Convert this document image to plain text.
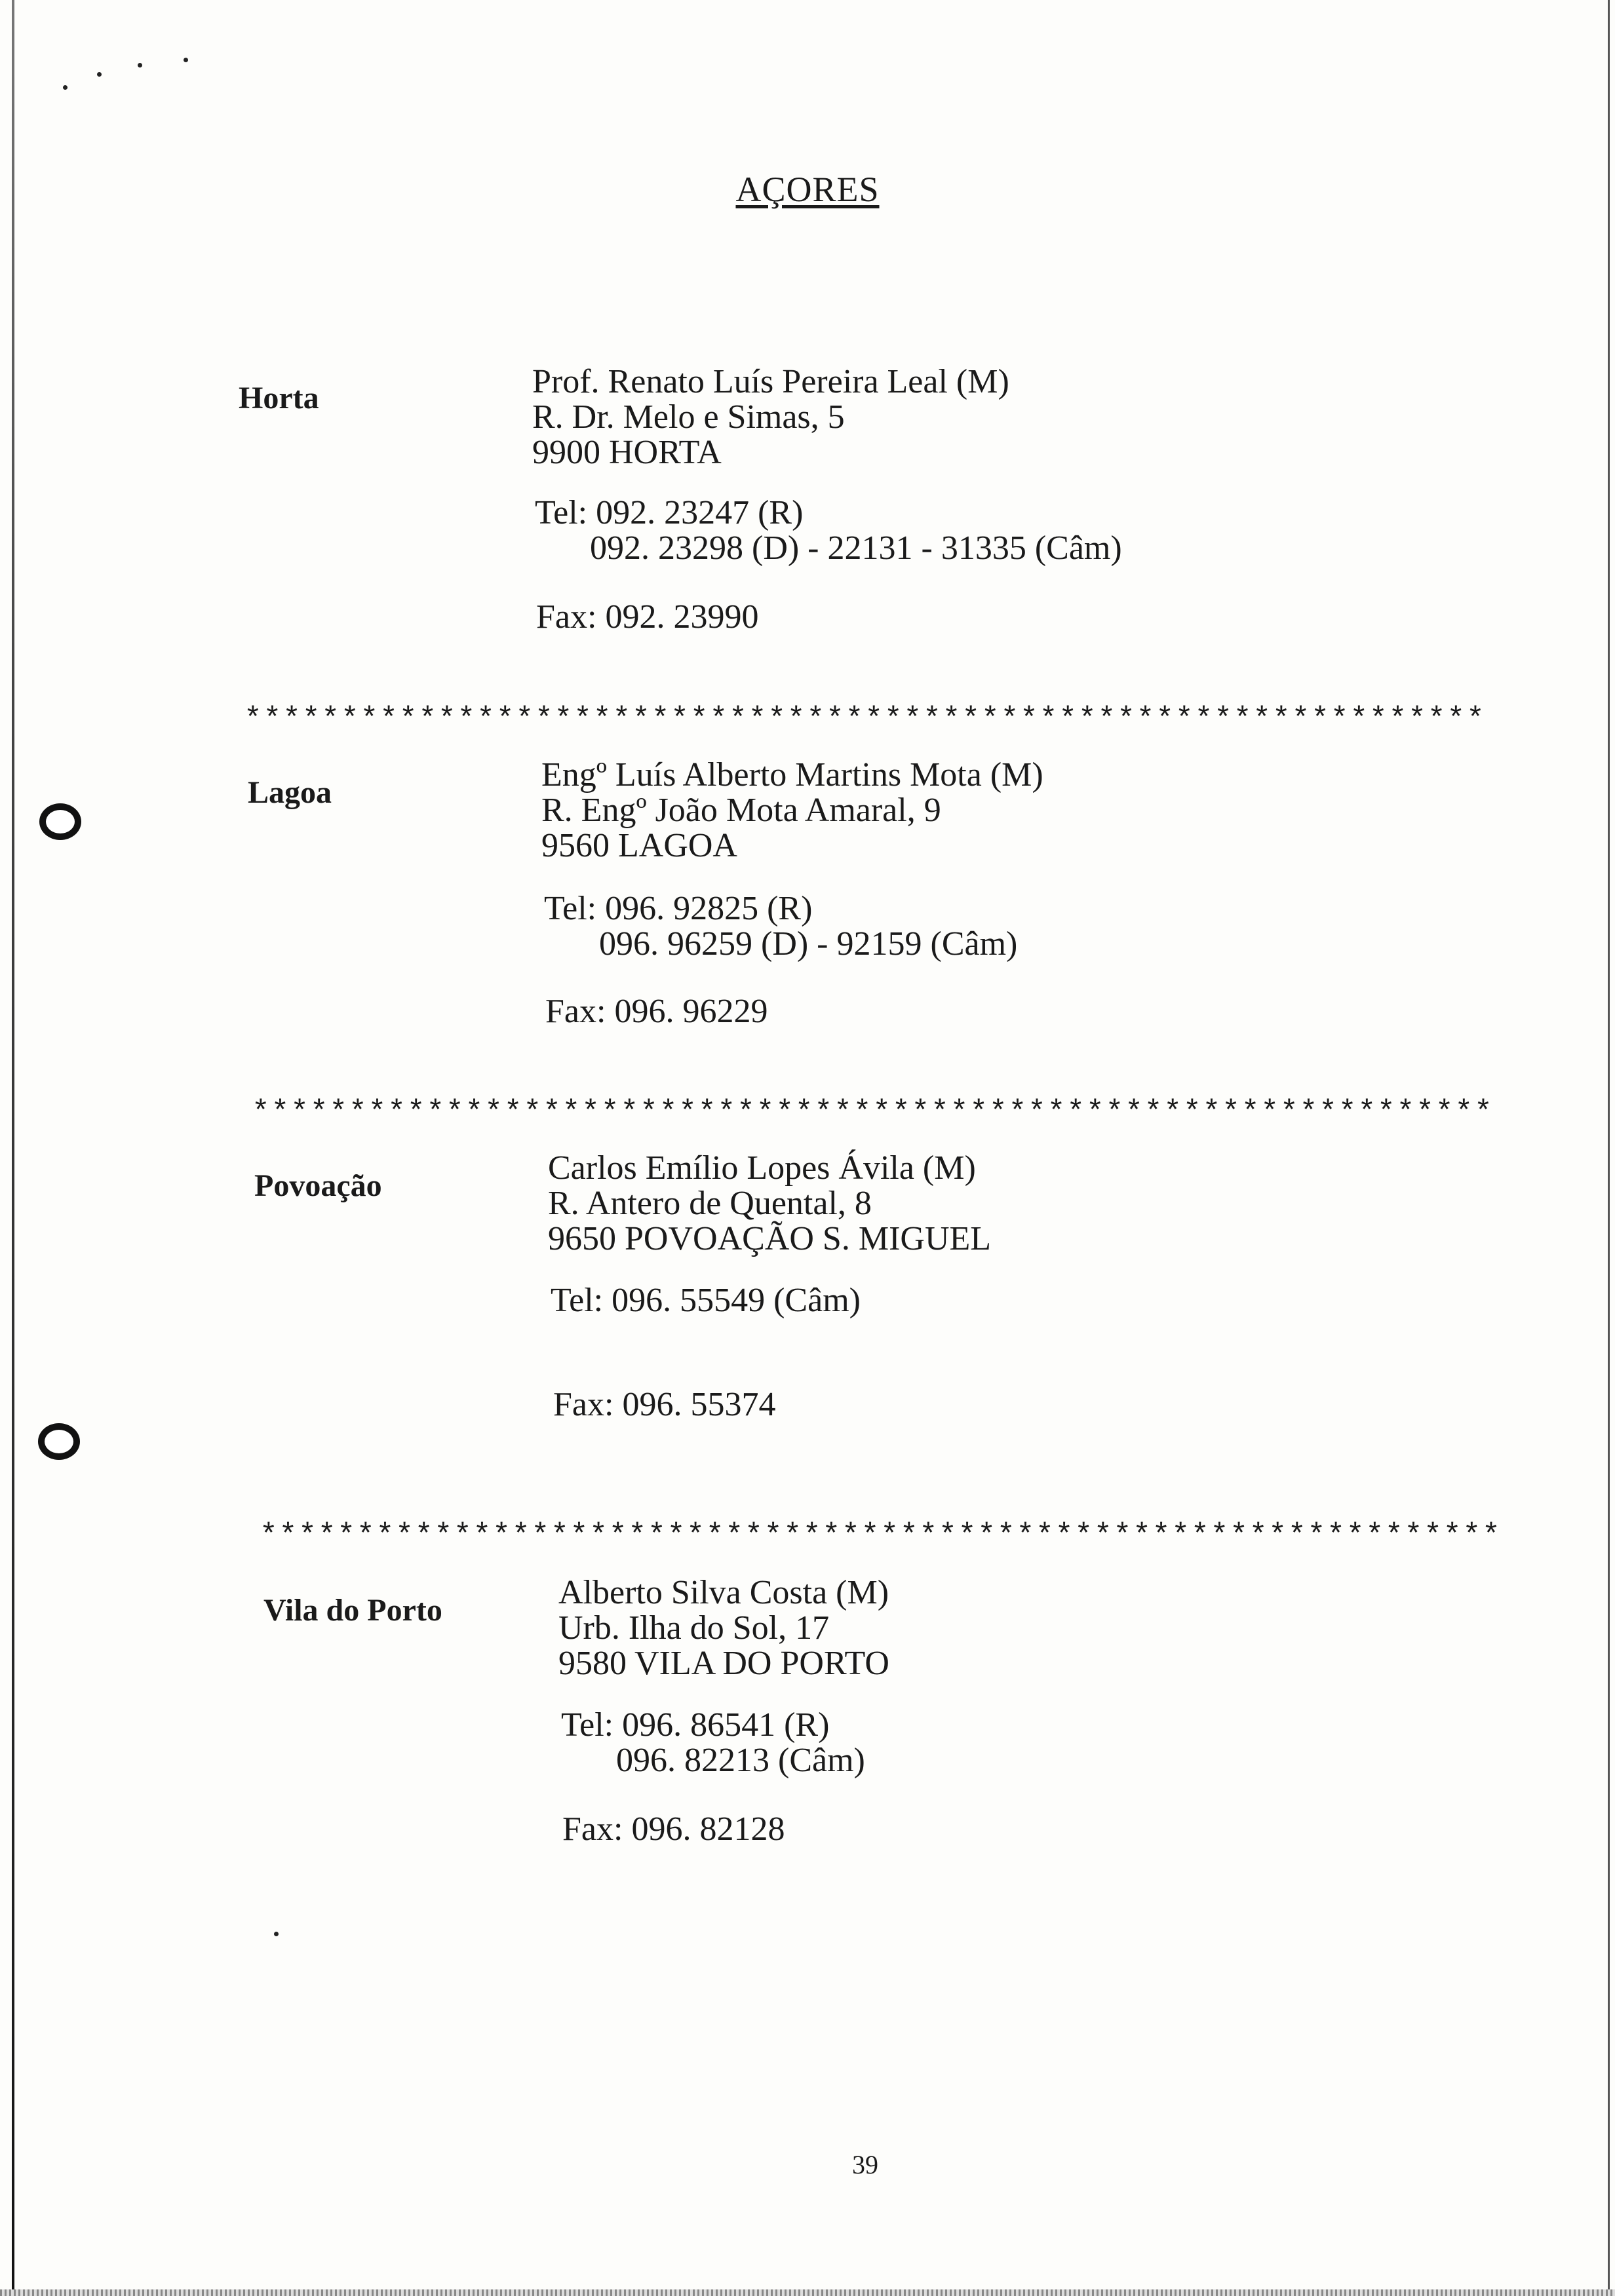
AÇORES
Horta	Prof. Renato Luís Pereira Leal (M)
R. Dr. Melo e Simas, 5
9900 HORTA
Tel: 092. 23247 (R)
092. 23298 (D) - 22131 - 31335 (Câm)
Fax: 092. 23990
****************************************************************
Lagoa	Engº Luís Alberto Martins Mota (M)
R. Engº João Mota Amaral, 9
9560 LAGOA
Tel: 096. 92825 (R)
096. 96259 (D) - 92159 (Câm)
Fax: 096. 96229
****************************************************************
Povoação	Carlos Emílio Lopes Ávila (M)
R. Antero de Quental, 8
9650 POVOAÇÃO S. MIGUEL
Tel: 096. 55549 (Câm)
Fax: 096. 55374
****************************************************************
Vila do Porto	Alberto Silva Costa (M)
Urb. Ilha do Sol, 17
9580 VILA DO PORTO
Tel: 096. 86541 (R)
096. 82213 (Câm)
Fax: 096. 82128
39
